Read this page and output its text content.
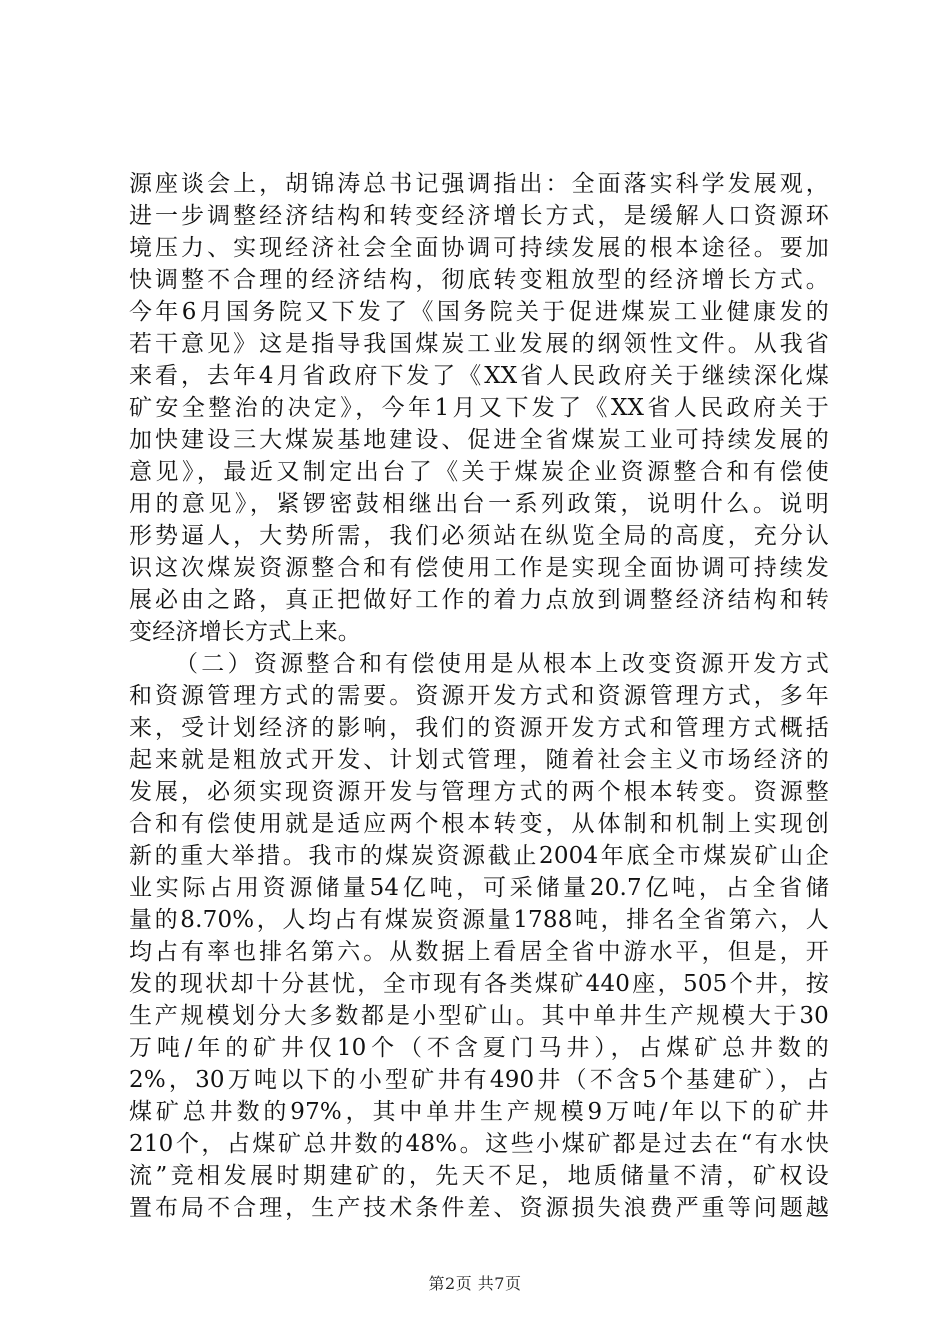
源座谈会上，胡锦涛总书记强调指出：全面落实科学发展观，
进一步调整经济结构和转变经济增长方式，是缓解人口资源环
境压力、实现经济社会全面协调可持续发展的根本途径。要加
快调整不合理的经济结构，彻底转变粗放型的经济增长方式。
今年6月国务院又下发了《国务院关于促进煤炭工业健康发的
若干意见》这是指导我国煤炭工业发展的纲领性文件。从我省
来看，去年4月省政府下发了《XX省人民政府关于继续深化煤
矿安全整治的决定》，今年1月又下发了《XX省人民政府关于
加快建设三大煤炭基地建设、促进全省煤炭工业可持续发展的
意见》，最近又制定出台了《关于煤炭企业资源整合和有偿使
用的意见》，紧锣密鼓相继出台一系列政策，说明什么。说明
形势逼人，大势所需，我们必须站在纵览全局的高度，充分认
识这次煤炭资源整合和有偿使用工作是实现全面协调可持续发
展必由之路，真正把做好工作的着力点放到调整经济结构和转
变经济增长方式上来。
（二）资源整合和有偿使用是从根本上改变资源开发方式
和资源管理方式的需要。资源开发方式和资源管理方式，多年
来，受计划经济的影响，我们的资源开发方式和管理方式概括
起来就是粗放式开发、计划式管理，随着社会主义市场经济的
发展，必须实现资源开发与管理方式的两个根本转变。资源整
合和有偿使用就是适应两个根本转变，从体制和机制上实现创
新的重大举措。我市的煤炭资源截止2004年底全市煤炭矿山企
业实际占用资源储量54亿吨，可采储量20.7亿吨，占全省储
量的8.70%，人均占有煤炭资源量1788吨，排名全省第六，人
均占有率也排名第六。从数据上看居全省中游水平，但是，开
发的现状却十分甚忧，全市现有各类煤矿440座，505个井，按
生产规模划分大多数都是小型矿山。其中单井生产规模大于30
万吨/年的矿井仅10个（不含夏门马井），占煤矿总井数的
2%，30万吨以下的小型矿井有490井（不含5个基建矿），占
煤矿总井数的97%，其中单井生产规模9万吨/年以下的矿井
210个，占煤矿总井数的48%。这些小煤矿都是过去在“有水快
流”竞相发展时期建矿的，先天不足，地质储量不清，矿权设
置布局不合理，生产技术条件差、资源损失浪费严重等问题越
第2页 共7页
